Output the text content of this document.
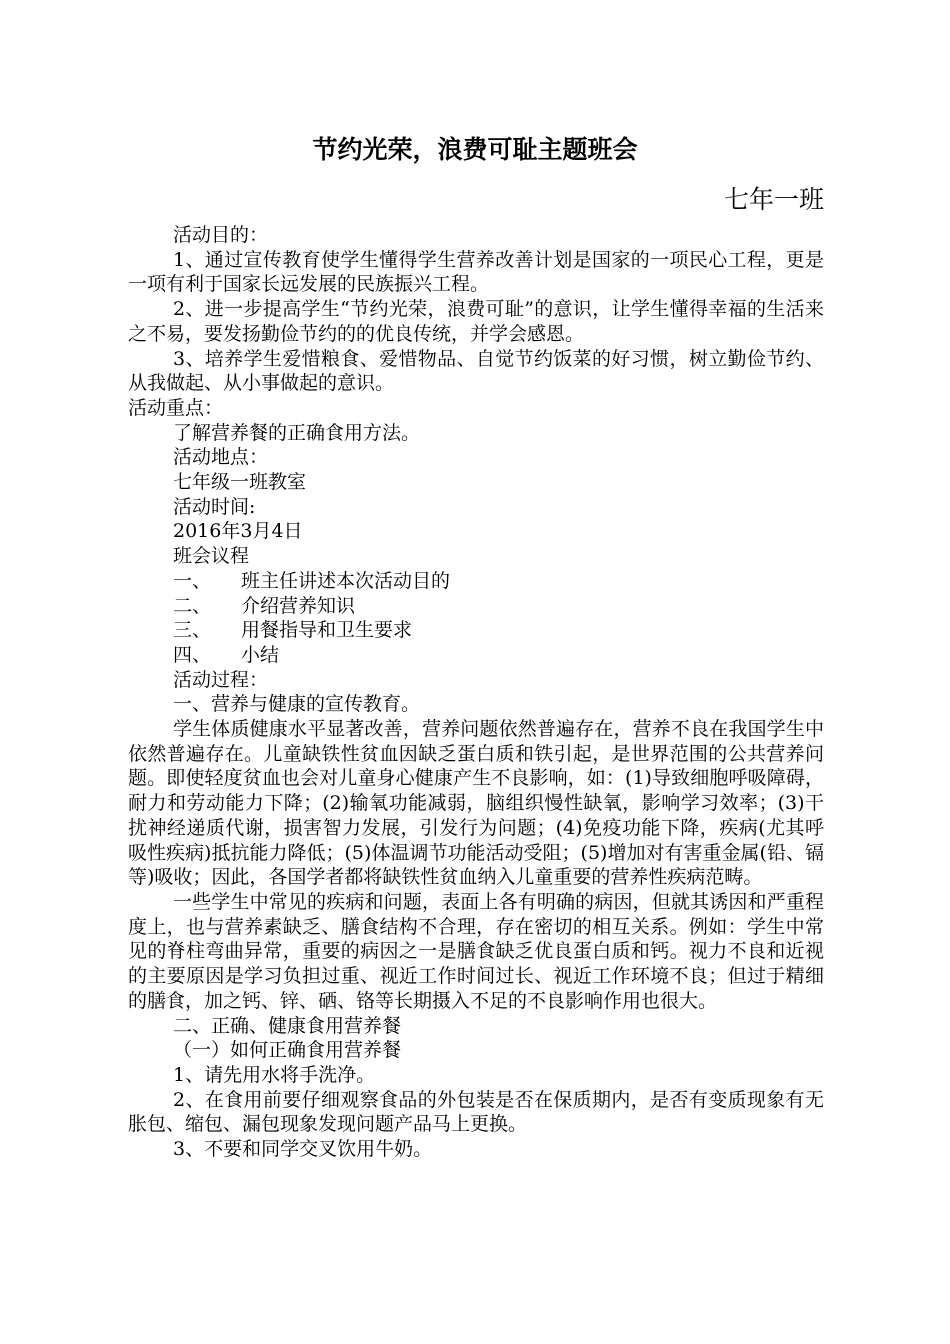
节约光荣，浪费可耻主题班会
七年一班

活动目的：

1、通过宣传教育使学生懂得学生营养改善计划是国家的一项民心工程，更是一项有利于国家长远发展的民族振兴工程。

2、进一步提高学生“节约光荣，浪费可耻”的意识，让学生懂得幸福的生活来之不易，要发扬勤俭节约的的优良传统，并学会感恩。

3、培养学生爱惜粮食、爱惜物品、自觉节约饭菜的好习惯，树立勤俭节约、从我做起、从小事做起的意识。

活动重点：

了解营养餐的正确食用方法。

活动地点：

七年级一班教室

活动时间:

2016年3月4日

班会议程

一、 班主任讲述本次活动目的

二、 介绍营养知识

三、 用餐指导和卫生要求

四、 小结

活动过程：

一、营养与健康的宣传教育。

学生体质健康水平显著改善，营养问题依然普遍存在，营养不良在我国学生中依然普遍存在。儿童缺铁性贫血因缺乏蛋白质和铁引起，是世界范围的公共营养问题。即使轻度贫血也会对儿童身心健康产生不良影响，如：(1)导致细胞呼吸障碍，耐力和劳动能力下降；(2)输氧功能减弱，脑组织慢性缺氧，影响学习效率；(3)干扰神经递质代谢，损害智力发展，引发行为问题；(4)免疫功能下降，疾病(尤其呼吸性疾病)抵抗能力降低；(5)体温调节功能活动受阻；(5)增加对有害重金属(铅、镉等)吸收；因此，各国学者都将缺铁性贫血纳入儿童重要的营养性疾病范畴。

一些学生中常见的疾病和问题，表面上各有明确的病因，但就其诱因和严重程度上，也与营养素缺乏、膳食结构不合理，存在密切的相互关系。例如：学生中常见的脊柱弯曲异常，重要的病因之一是膳食缺乏优良蛋白质和钙。视力不良和近视的主要原因是学习负担过重、视近工作时间过长、视近工作环境不良；但过于精细的膳食，加之钙、锌、硒、铬等长期摄入不足的不良影响作用也很大。

二、正确、健康食用营养餐

（一）如何正确食用营养餐

1、请先用水将手洗净。

2、在食用前要仔细观察食品的外包装是否在保质期内，是否有变质现象有无胀包、缩包、漏包现象发现问题产品马上更换。

3、不要和同学交叉饮用牛奶。
